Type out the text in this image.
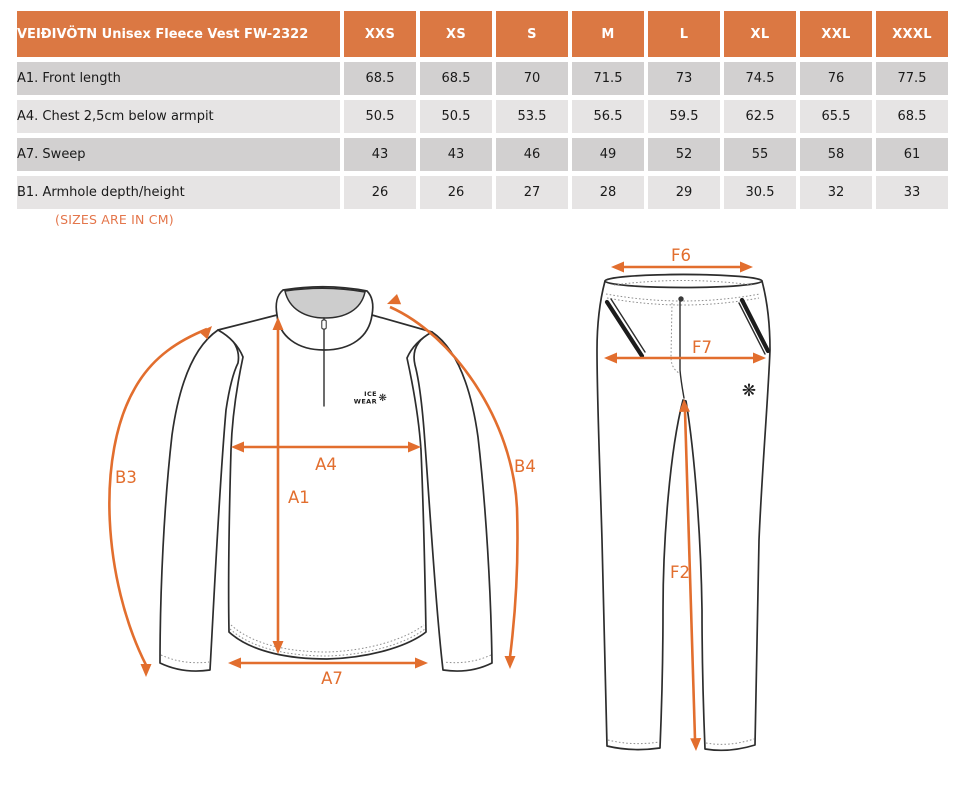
VEIÐIVÖTN Unisex Fleece Vest FW-2322	XXS	XS	S	M	L	XL	XXL	XXXL
A1. Front length	68.5	68.5	70	71.5	73	74.5	76	77.5
A4. Chest 2,5cm below armpit	50.5	50.5	53.5	56.5	59.5	62.5	65.5	68.5
A7. Sweep	43	43	46	49	52	55	58	61
B1. Armhole depth/height	26	26	27	28	29	30.5	32	33
(SIZES ARE IN CM)
ICE
WEAR ❋
A1
A4
A7
B3
B4
❋
F6
F7
F2
